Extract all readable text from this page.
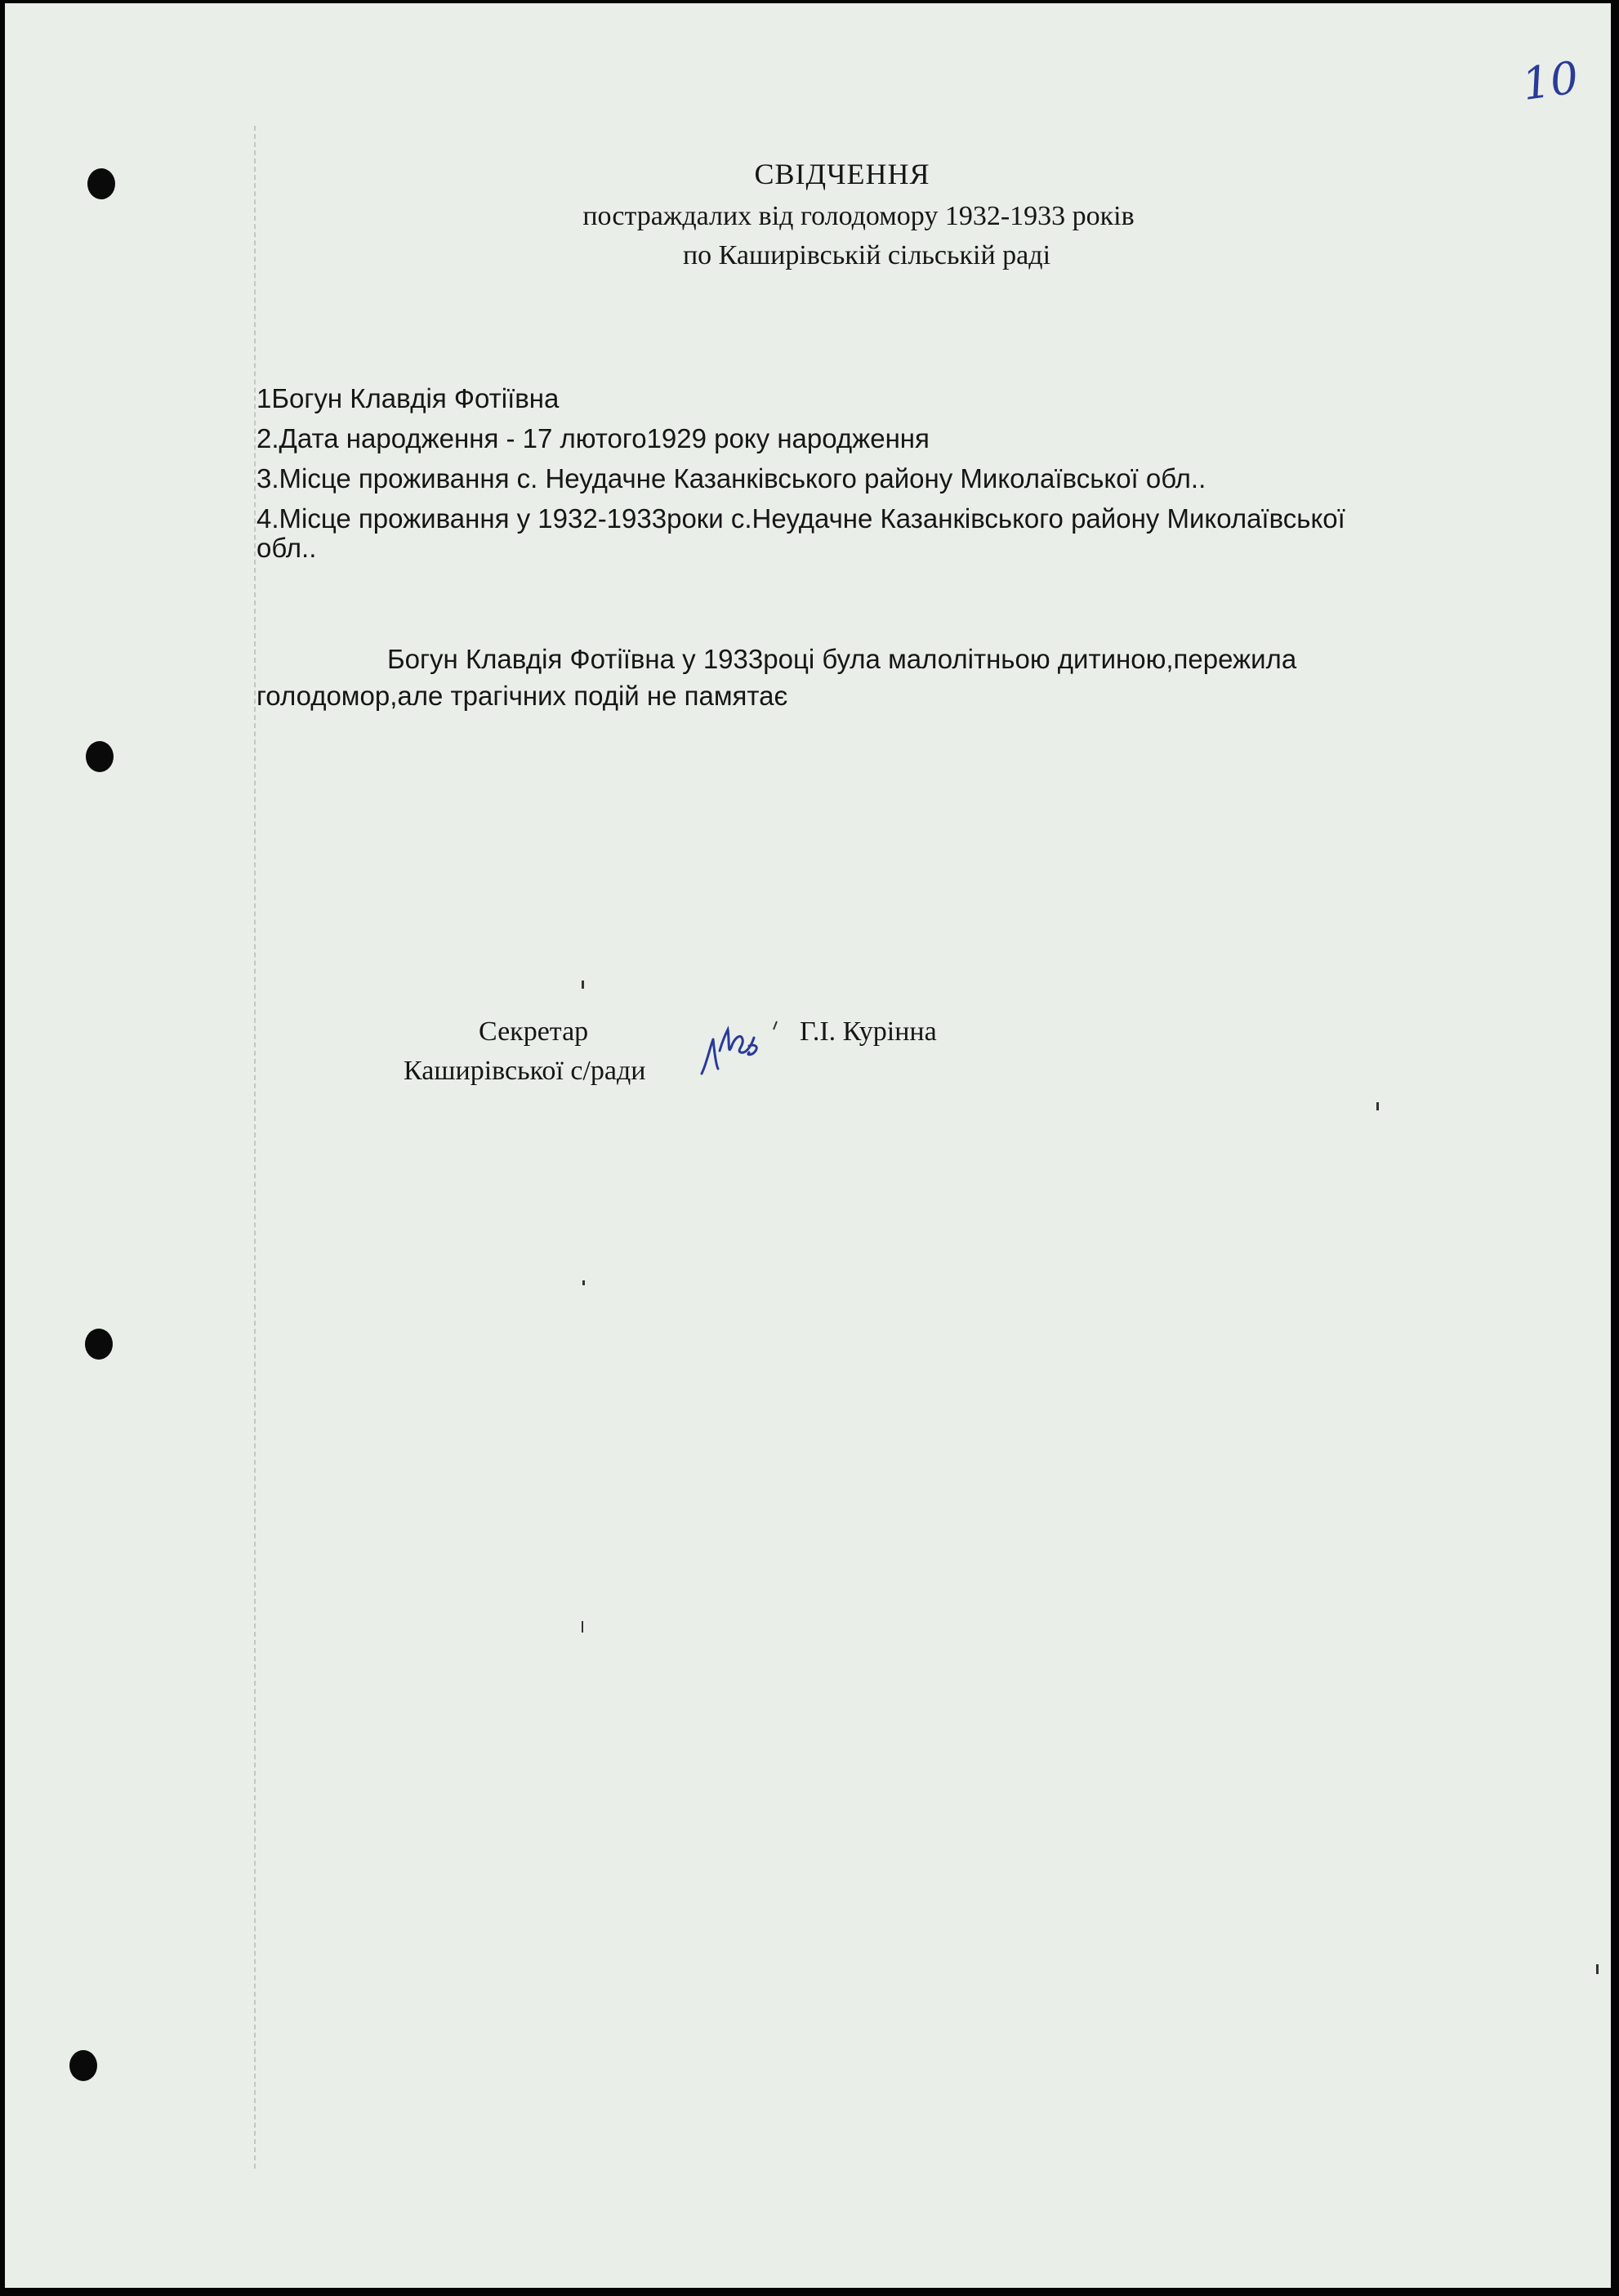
10
СВІДЧЕННЯ
постраждалих від голодомору 1932-1933 років
по Каширівській сільській раді
1Богун Клавдія Фотіївна
2.Дата народження - 17 лютого1929 року народження
3.Місце проживання с. Неудачне Казанківського району Миколаївської обл..
4.Місце проживання у 1932-1933роки с.Неудачне Казанківського району Миколаївської
обл..
Богун Клавдія Фотіївна у 1933році була малолітньою дитиною,пережила голодомор,але трагічних подій не памятає
Секретар
Каширівської с/ради
Г.І. Курінна
